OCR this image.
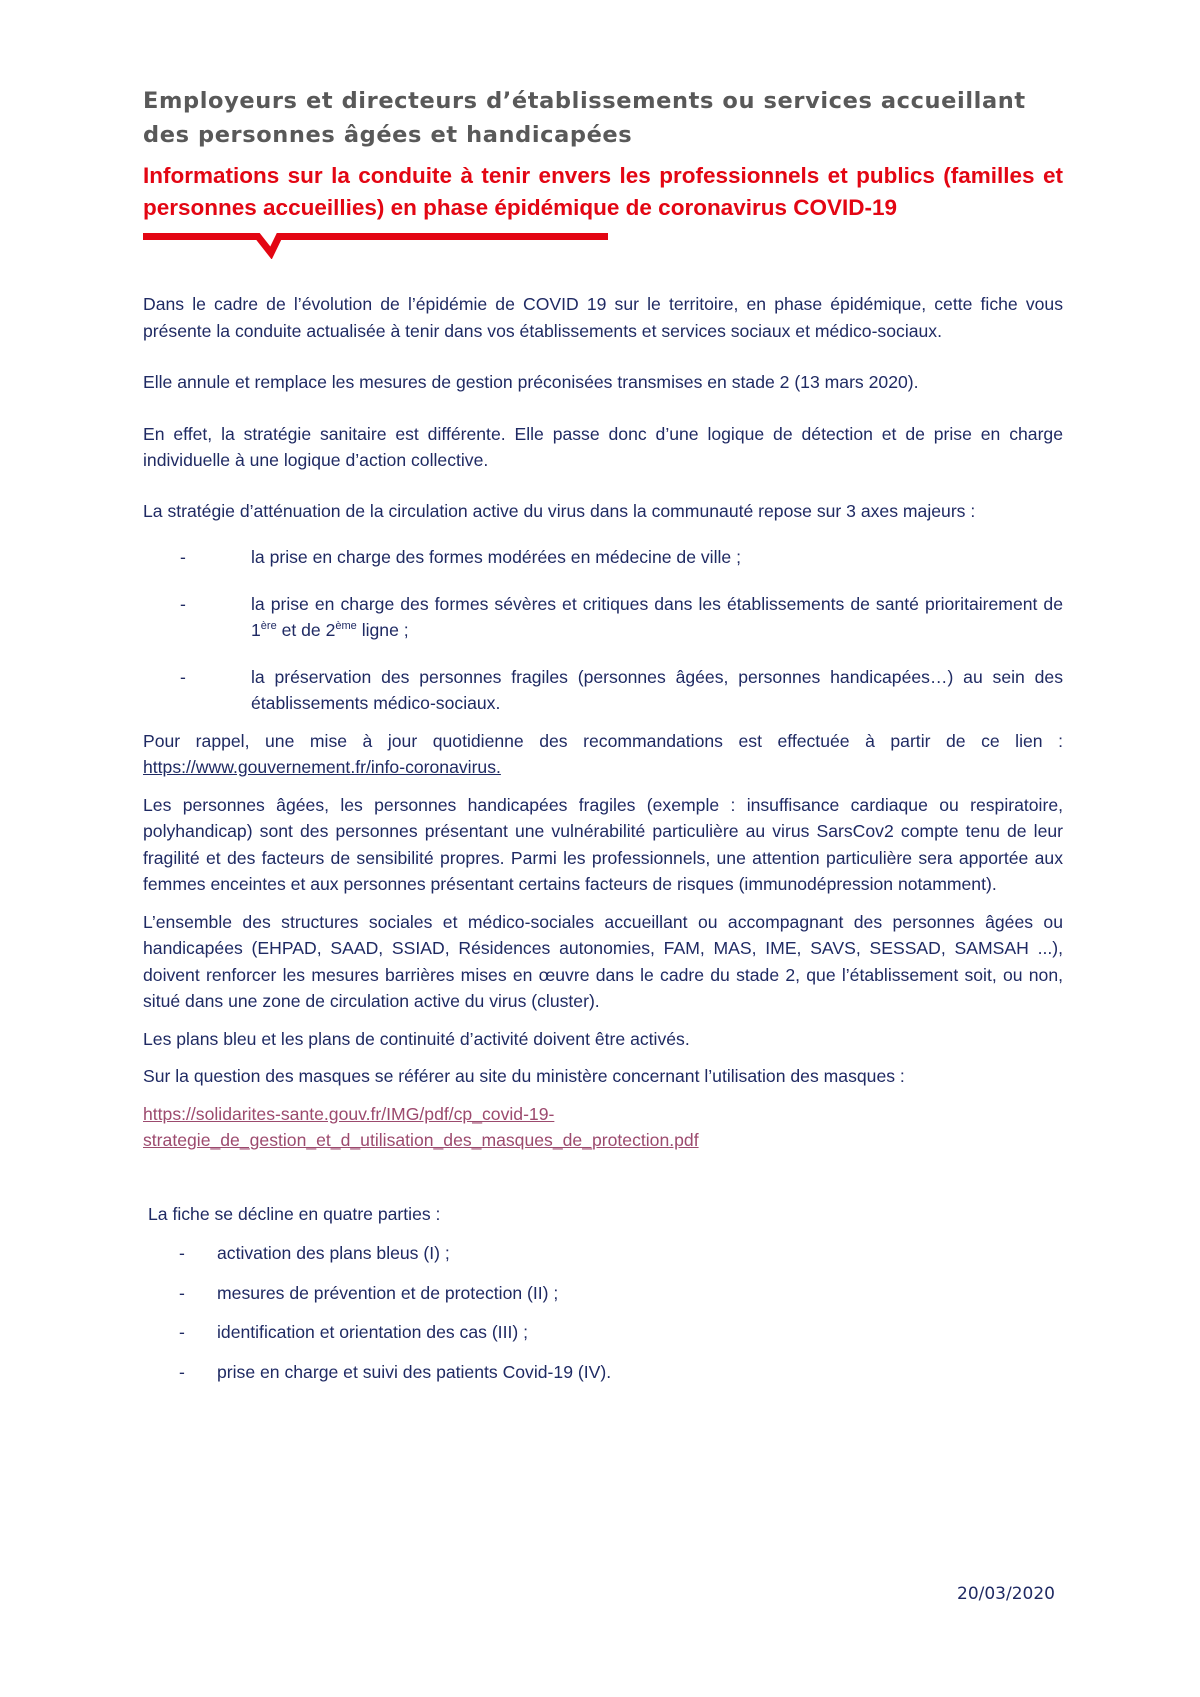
Employeurs et directeurs d’établissements ou services accueillant
des personnes âgées et handicapées
Informations sur la conduite à tenir envers les professionnels et publics (familles et personnes accueillies) en phase épidémique de coronavirus COVID-19

Dans le cadre de l’évolution de l’épidémie de COVID 19 sur le territoire, en phase épidémique, cette fiche vous présente la conduite actualisée à tenir dans vos établissements et services sociaux et médico-sociaux.

Elle annule et remplace les mesures de gestion préconisées transmises en stade 2 (13 mars 2020).

En effet, la stratégie sanitaire est différente. Elle passe donc d’une logique de détection et de prise en charge individuelle à une logique d’action collective.

La stratégie d’atténuation de la circulation active du virus dans la communauté repose sur 3 axes majeurs :

-	la prise en charge des formes modérées en médecine de ville ;
-	la prise en charge des formes sévères et critiques dans les établissements de santé prioritairement de 1ère et de 2ème ligne ;
-	la préservation des personnes fragiles (personnes âgées, personnes handicapées…) au sein des établissements médico-sociaux.

Pour rappel, une mise à jour quotidienne des recommandations est effectuée à partir de ce lien : https://www.gouvernement.fr/info-coronavirus.

Les personnes âgées, les personnes handicapées fragiles (exemple : insuffisance cardiaque ou respiratoire, polyhandicap) sont des personnes présentant une vulnérabilité particulière au virus SarsCov2 compte tenu de leur fragilité et des facteurs de sensibilité propres. Parmi les professionnels, une attention particulière sera apportée aux femmes enceintes et aux personnes présentant certains facteurs de risques (immunodépression notamment).

L’ensemble des structures sociales et médico-sociales accueillant ou accompagnant des personnes âgées ou handicapées (EHPAD, SAAD, SSIAD, Résidences autonomies, FAM, MAS, IME, SAVS, SESSAD, SAMSAH ...), doivent renforcer les mesures barrières mises en œuvre dans le cadre du stade 2, que l’établissement soit, ou non, situé dans une zone de circulation active du virus (cluster).

Les plans bleu et les plans de continuité d’activité doivent être activés.

Sur la question des masques se référer au site du ministère concernant l’utilisation des masques :

https://solidarites-sante.gouv.fr/IMG/pdf/cp_covid-19-
strategie_de_gestion_et_d_utilisation_des_masques_de_protection.pdf

La fiche se décline en quatre parties :

-	activation des plans bleus (I) ;
-	mesures de prévention et de protection (II) ;
-	identification et orientation des cas (III) ;
-	prise en charge et suivi des patients Covid-19 (IV).
20/03/2020
